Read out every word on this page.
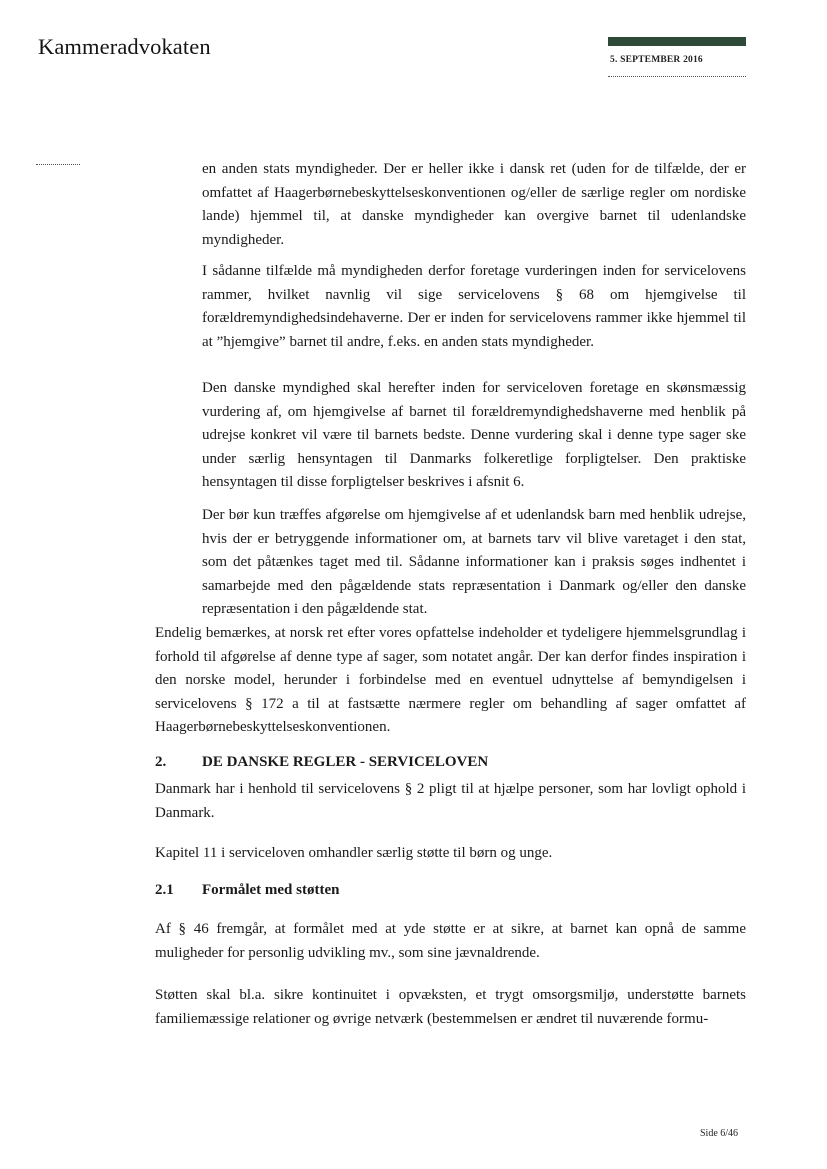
Kammeradvokaten
5. SEPTEMBER 2016

en anden stats myndigheder. Der er heller ikke i dansk ret (uden for de tilfælde, der er omfattet af Haagerbørnebeskyttelseskonventionen og/eller de særlige regler om nordiske lande) hjemmel til, at danske myndigheder kan overgive barnet til udenlandske myndigheder.

I sådanne tilfælde må myndigheden derfor foretage vurderingen inden for servicelovens rammer, hvilket navnlig vil sige servicelovens § 68 om hjemgivelse til forældremyndighedsindehaverne. Der er inden for servicelovens rammer ikke hjemmel til at ”hjemgive” barnet til andre, f.eks. en anden stats myndigheder.

Den danske myndighed skal herefter inden for serviceloven foretage en skønsmæssig vurdering af, om hjemgivelse af barnet til forældremyndighedshaverne med henblik på udrejse konkret vil være til barnets bedste. Denne vurdering skal i denne type sager ske under særlig hensyntagen til Danmarks folkeretlige forpligtelser. Den praktiske hensyntagen til disse forpligtelser beskrives i afsnit 6.

Der bør kun træffes afgørelse om hjemgivelse af et udenlandsk barn med henblik udrejse, hvis der er betryggende informationer om, at barnets tarv vil blive varetaget i den stat, som det påtænkes taget med til. Sådanne informationer kan i praksis søges indhentet i samarbejde med den pågældende stats repræsentation i Danmark og/eller den danske repræsentation i den pågældende stat.

Endelig bemærkes, at norsk ret efter vores opfattelse indeholder et tydeligere hjemmelsgrundlag i forhold til afgørelse af denne type af sager, som notatet angår. Der kan derfor findes inspiration i den norske model, herunder i forbindelse med en eventuel udnyttelse af bemyndigelsen i servicelovens § 172 a til at fastsætte nærmere regler om behandling af sager omfattet af Haagerbørnebeskyttelseskonventionen.

2. DE DANSKE REGLER - SERVICELOVEN

Danmark har i henhold til servicelovens § 2 pligt til at hjælpe personer, som har lovligt ophold i Danmark.

Kapitel 11 i serviceloven omhandler særlig støtte til børn og unge.

2.1 Formålet med støtten

Af § 46 fremgår, at formålet med at yde støtte er at sikre, at barnet kan opnå de samme muligheder for personlig udvikling mv., som sine jævnaldrende.

Støtten skal bl.a. sikre kontinuitet i opvæksten, et trygt omsorgsmiljø, understøtte barnets familiemæssige relationer og øvrige netværk (bestemmelsen er ændret til nuværende formu-

Side 6/46
